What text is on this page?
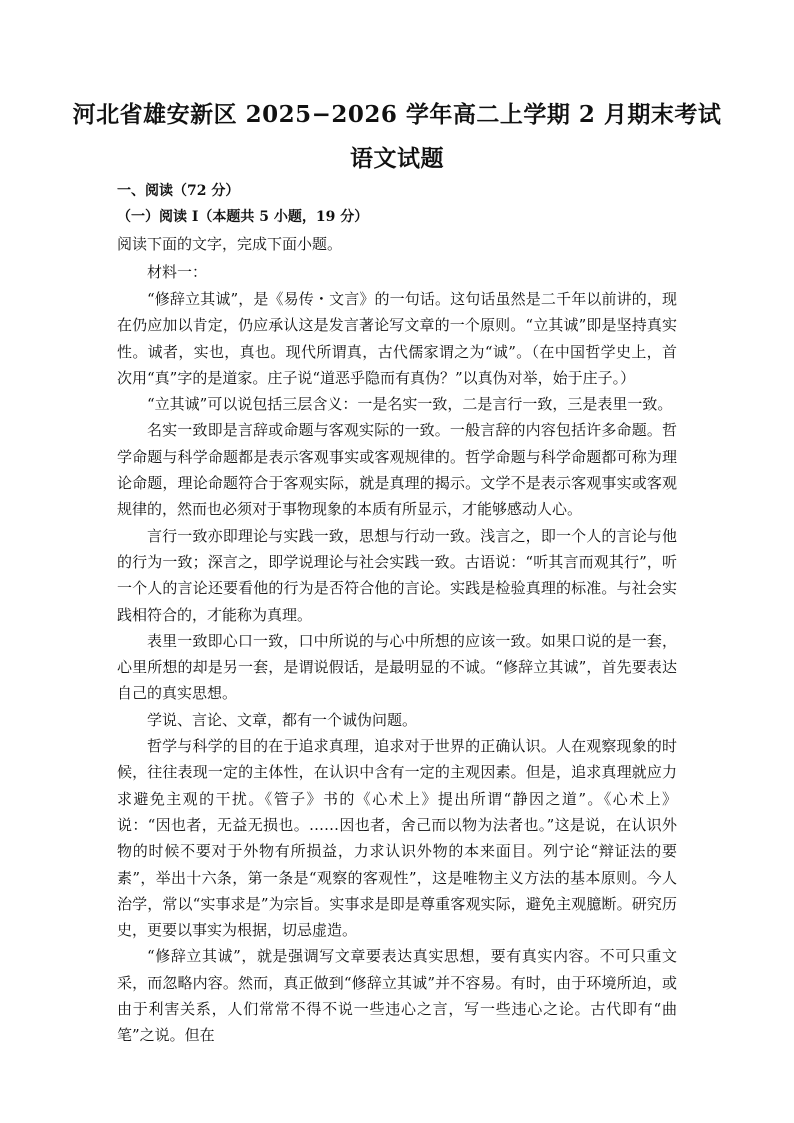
河北省雄安新区 2025−2026 学年高二上学期 2 月期末考试
语文试题
一、阅读（72 分）
（一）阅读 I（本题共 5 小题，19 分）
阅读下面的文字，完成下面小题。
材料一：

“修辞立其诚”，是《易传・文言》的一句话。这句话虽然是二千年以前讲的，现在仍应加以肯定，仍应承认这是发言著论写文章的一个原则。“立其诚”即是坚持真实性。诚者，实也，真也。现代所谓真，古代儒家谓之为“诚”。（在中国哲学史上，首次用“真”字的是道家。庄子说“道恶乎隐而有真伪？”以真伪对举，始于庄子。）

“立其诚”可以说包括三层含义：一是名实一致，二是言行一致，三是表里一致。

名实一致即是言辞或命题与客观实际的一致。一般言辞的内容包括许多命题。哲学命题与科学命题都是表示客观事实或客观规律的。哲学命题与科学命题都可称为理论命题，理论命题符合于客观实际，就是真理的揭示。文学不是表示客观事实或客观规律的，然而也必须对于事物现象的本质有所显示，才能够感动人心。

言行一致亦即理论与实践一致，思想与行动一致。浅言之，即一个人的言论与他的行为一致；深言之，即学说理论与社会实践一致。古语说：“听其言而观其行”，听一个人的言论还要看他的行为是否符合他的言论。实践是检验真理的标准。与社会实践相符合的，才能称为真理。

表里一致即心口一致，口中所说的与心中所想的应该一致。如果口说的是一套，心里所想的却是另一套，是谓说假话，是最明显的不诚。“修辞立其诚”，首先要表达自己的真实思想。

学说、言论、文章，都有一个诚伪问题。

哲学与科学的目的在于追求真理，追求对于世界的正确认识。人在观察现象的时候，往往表现一定的主体性，在认识中含有一定的主观因素。但是，追求真理就应力求避免主观的干扰。《管子》书的《心术上》提出所谓“静因之道”。《心术上》说：“因也者，无益无损也。……因也者，舍己而以物为法者也。”这是说，在认识外物的时候不要对于外物有所损益，力求认识外物的本来面目。列宁论“辩证法的要素”，举出十六条，第一条是“观察的客观性”，这是唯物主义方法的基本原则。今人治学，常以“实事求是”为宗旨。实事求是即是尊重客观实际，避免主观臆断。研究历史，更要以事实为根据，切忌虚造。

“修辞立其诚”，就是强调写文章要表达真实思想，要有真实内容。不可只重文采，而忽略内容。然而，真正做到“修辞立其诚”并不容易。有时，由于环境所迫，或由于利害关系，人们常常不得不说一些违心之言，写一些违心之论。古代即有“曲笔”之说。但在
